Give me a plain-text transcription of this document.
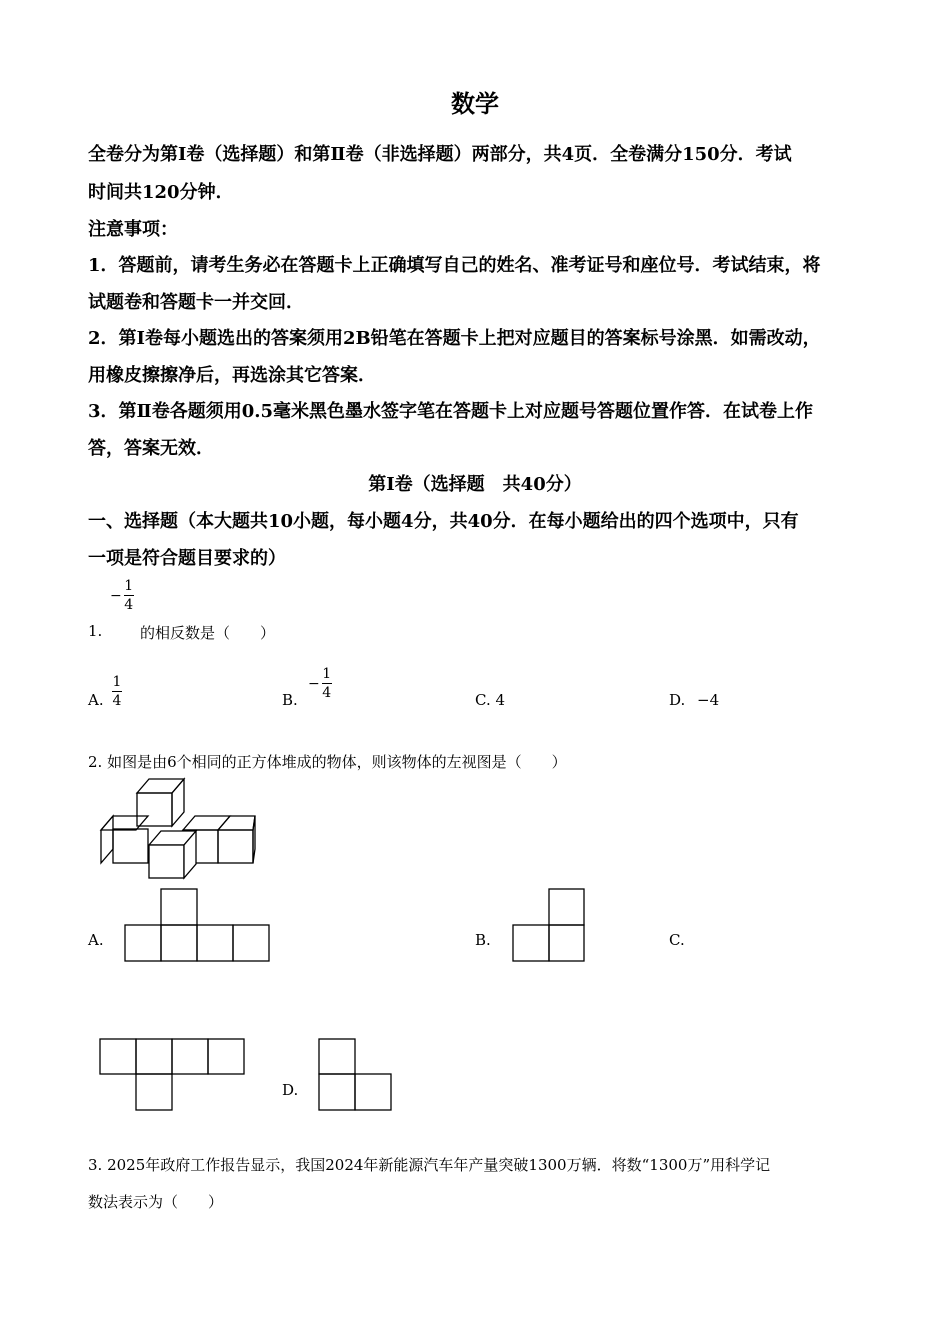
数学
全卷分为第Ⅰ卷（选择题）和第Ⅱ卷（非选择题）两部分，共4页．全卷满分150分．考试
时间共120分钟．
注意事项：
1．答题前，请考生务必在答题卡上正确填写自己的姓名、准考证号和座位号．考试结束，将
试题卷和答题卡一并交回．
2．第Ⅰ卷每小题选出的答案须用2B铅笔在答题卡上把对应题目的答案标号涂黑．如需改动，
用橡皮擦擦净后，再选涂其它答案．
3．第Ⅱ卷各题须用0.5毫米黑色墨水签字笔在答题卡上对应题号答题位置作答．在试卷上作
答，答案无效．
第Ⅰ卷（选择题　共40分）
一、选择题（本大题共10小题，每小题4分，共40分．在每小题给出的四个选项中，只有
一项是符合题目要求的）
1.
− $\frac{1}{4}$
的相反数是（　　）
A. $\frac{1}{4}$	B.
− $\frac{1}{4}$	C. 4	D. −4
2. 如图是由6个相同的正方体堆成的物体，则该物体的左视图是（　　）
A.	B.	C.
D.
3. 2025年政府工作报告显示，我国2024年新能源汽车年产量突破1300万辆．将数“1300万”用科学记
数法表示为（　　）
